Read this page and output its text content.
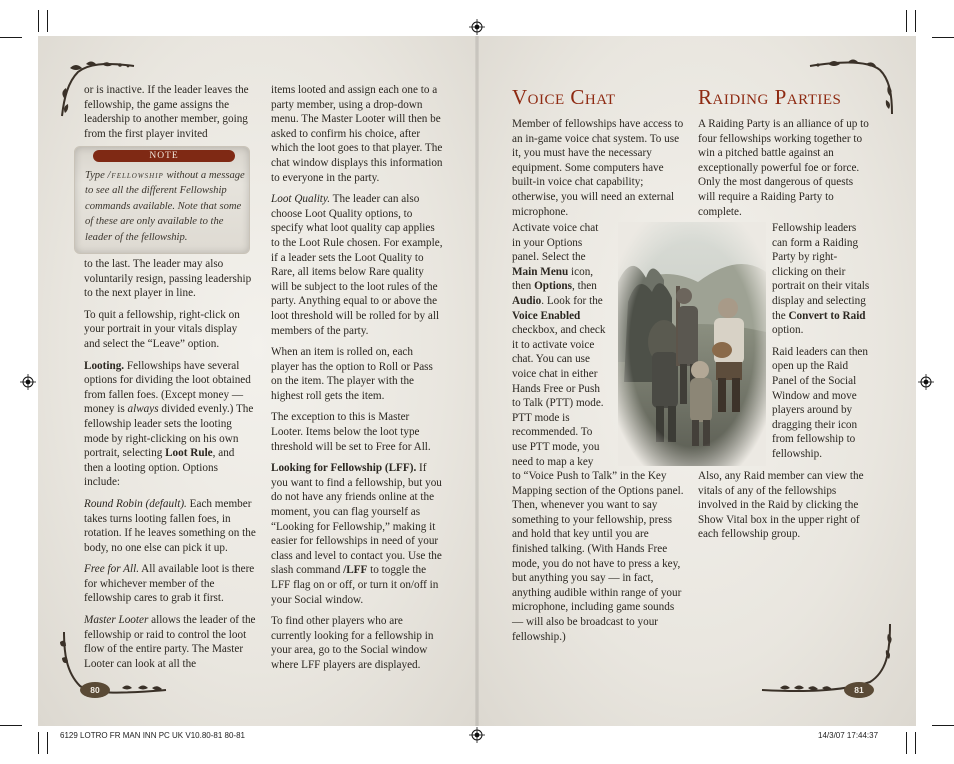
or is inactive. If the leader leaves the fellowship, the game assigns the leadership to another member, going from the first player invited

NOTE
Type /fellowship without a message to see all the different Fellowship commands available. Note that some of these are only available to the leader of the fellowship.

to the last. The leader may also voluntarily resign, passing leadership to the next player in line.

To quit a fellowship, right-click on your portrait in your vitals display and select the “Leave” option.

Looting. Fellowships have several options for dividing the loot obtained from fallen foes. (Except money — money is always divided evenly.) The fellowship leader sets the looting mode by right-clicking on his own portrait, selecting Loot Rule, and then a looting option. Options include:

Round Robin (default). Each member takes turns looting fallen foes, in rotation. If he leaves something on the body, no one else can pick it up.

Free for All. All available loot is there for whichever member of the fellowship cares to grab it first.

Master Looter allows the leader of the fellowship or raid to control the loot flow of the entire party. The Master Looter can look at all the

items looted and assign each one to a party member, using a drop-down menu. The Master Looter will then be asked to confirm his choice, after which the loot goes to that player. The chat window displays this information to everyone in the party.

Loot Quality. The leader can also choose Loot Quality options, to specify what loot quality cap applies to the Loot Rule chosen. For example, if a leader sets the Loot Quality to Rare, all items below Rare quality will be subject to the loot rules of the party. Anything equal to or above the loot threshold will be rolled for by all members of the party.

When an item is rolled on, each player has the option to Roll or Pass on the item. The player with the highest roll gets the item.

The exception to this is Master Looter. Items below the loot type threshold will be set to Free for All.

Looking for Fellowship (LFF). If you want to find a fellowship, but you do not have any friends online at the moment, you can flag yourself as “Looking for Fellowship,” making it easier for fellowships in need of your class and level to contact you. Use the slash command /LFF to toggle the LFF flag on or off, or turn it on/off in your Social window.

To find other players who are currently looking for a fellowship in your area, go to the Social window where LFF players are displayed.

Voice Chat

Member of fellowships have access to an in-game voice chat system. To use it, you must have the necessary equipment. Some computers have built-in voice chat capability; otherwise, you will need an external microphone.

Activate voice chat in your Options panel. Select the Main Menu icon, then Options, then Audio. Look for the Voice Enabled checkbox, and check it to activate voice chat. You can use voice chat in either Hands Free or Push to Talk (PTT) mode. PTT mode is recommended. To use PTT mode, you need to map a key

to “Voice Push to Talk” in the Key Mapping section of the Options panel. Then, whenever you want to say something to your fellowship, press and hold that key until you are finished talking. (With Hands Free mode, you do not have to press a key, but anything you say — in fact, anything audible within range of your microphone, including game sounds — will also be broadcast to your fellowship.)

Raiding Parties

A Raiding Party is an alliance of up to four fellowships working together to win a pitched battle against an exceptionally powerful foe or force. Only the most dangerous of quests will require a Raiding Party to complete.

Fellowship leaders can form a Raiding Party by right-clicking on their portrait on their vitals display and selecting the Convert to Raid option.

Raid leaders can then open up the Raid Panel of the Social Window and move players around by dragging their icon from fellowship to fellowship.

Also, any Raid member can view the vitals of any of the fellowships involved in the Raid by clicking the Show Vital box in the upper right of each fellowship group.

80	81
6129 LOTRO FR MAN INN PC UK V10.80-81 80-81	14/3/07 17:44:37
